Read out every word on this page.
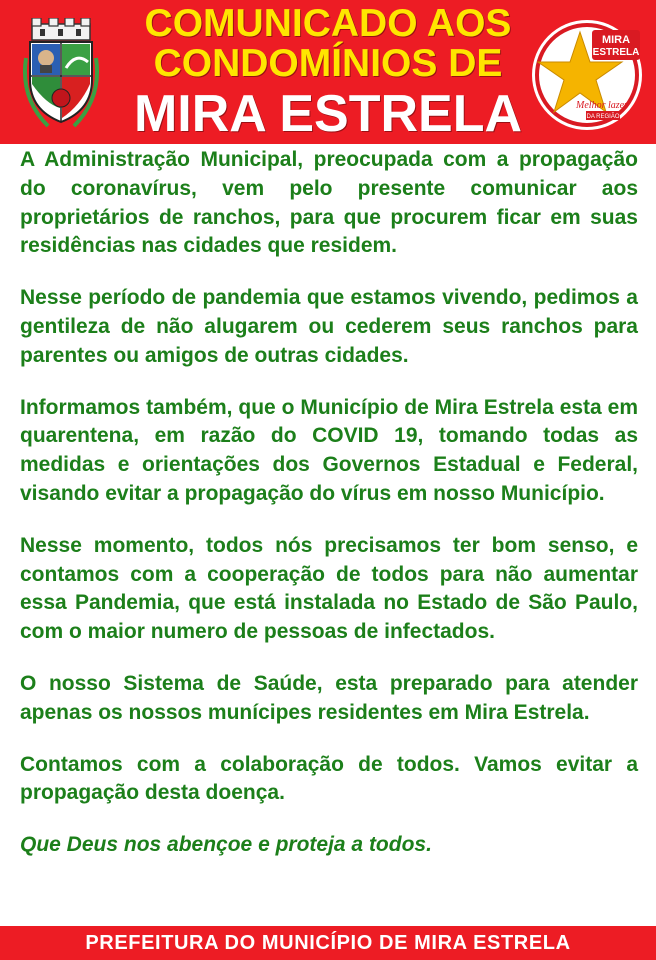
COMUNICADO AOS
CONDOMÍNIOS DE
MIRA ESTRELA
MIRA
ESTRELA
Melhor lazer
DA REGIÃO

A Administração Municipal, preocupada com a propagação do coronavírus, vem pelo presente comunicar aos proprietários de ranchos, para que procurem ficar em suas residências nas cidades que residem.

Nesse período de pandemia que estamos vivendo, pedimos a gentileza de não alugarem ou cederem seus ranchos para parentes ou amigos de outras cidades.

Informamos também, que o Município de Mira Estrela esta em quarentena, em razão do COVID 19, tomando todas as medidas e orientações dos Governos Estadual e Federal, visando evitar a propagação do vírus em nosso Município.

Nesse momento, todos nós precisamos ter bom senso, e contamos com a cooperação de todos para não aumentar essa Pandemia, que está instalada no Estado de São Paulo, com o maior numero de pessoas de infectados.

O nosso Sistema de Saúde, esta preparado para atender apenas os nossos munícipes residentes em Mira Estrela.

Contamos com a colaboração de todos. Vamos evitar a propagação desta doença.

Que Deus nos abençoe e proteja a todos.

PREFEITURA DO MUNICÍPIO DE MIRA ESTRELA
